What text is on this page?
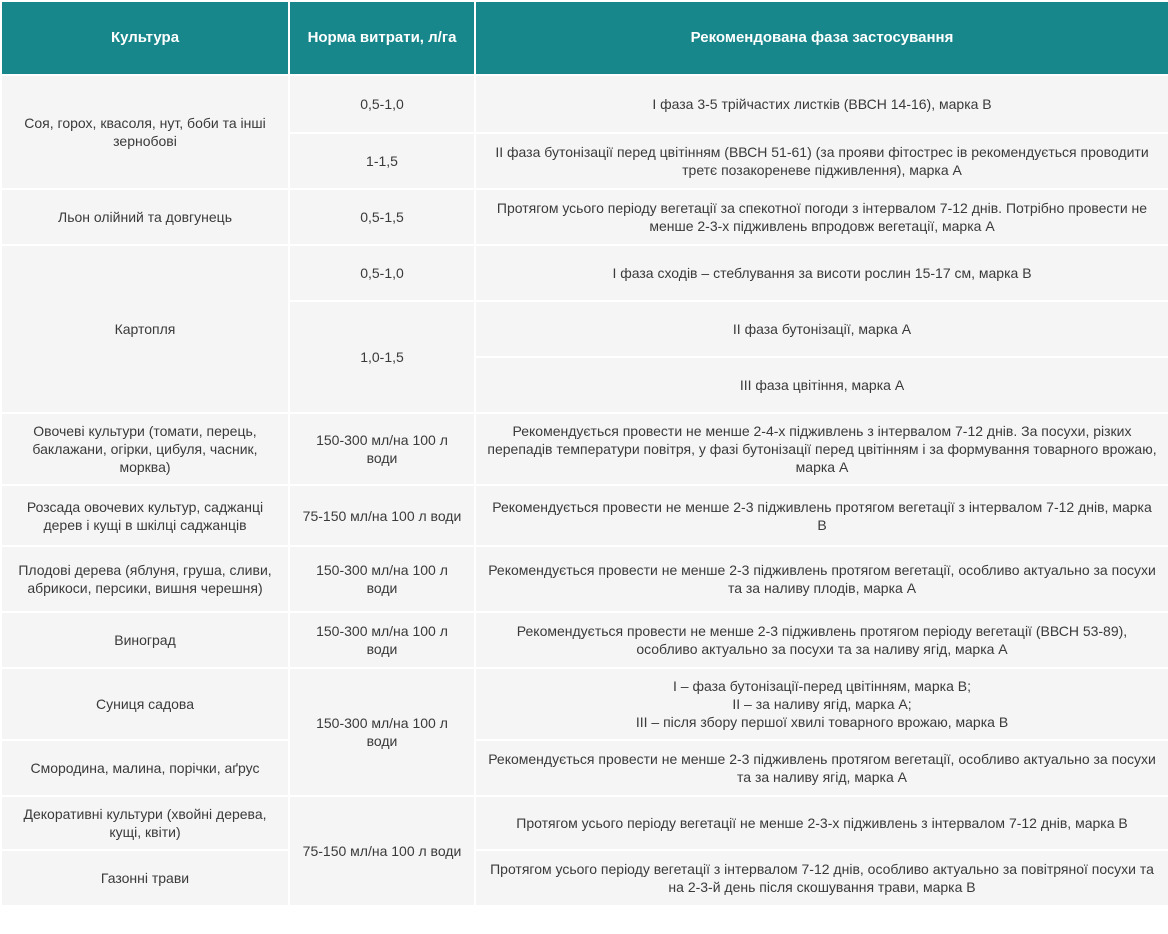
Культура	Норма витрати, л/га	Рекомендована фаза застосування
Соя, горох, квасоля, нут, боби та інші зернобові	0,5-1,0	I фаза 3-5 трійчастих листків (ВВСН 14-16), марка В
	1-1,5	II фаза бутонізації перед цвітінням (ВВСН 51-61) (за прояви фітострес ів рекомендується проводити третє позакореневе підживлення), марка А
Льон олійний та довгунець	0,5-1,5	Протягом усього періоду вегетації за спекотної погоди з інтервалом 7-12 днів. Потрібно провести не менше 2-3-х підживлень впродовж вегетації, марка А
Картопля	0,5-1,0	I фаза сходів – стеблування за висоти рослин 15-17 см, марка В
	1,0-1,5	II фаза бутонізації, марка А
		III фаза цвітіння, марка А
Овочеві культури (томати, перець, баклажани, огірки, цибуля, часник, морква)	150-300 мл/на 100 л води	Рекомендується провести не менше 2-4-х підживлень з інтервалом 7-12 днів. За посухи, різких перепадів температури повітря, у фазі бутонізації перед цвітінням і за формування товарного врожаю, марка А
Розсада овочевих культур, саджанці дерев і кущі в шкілці саджанців	75-150 мл/на 100 л води	Рекомендується провести не менше 2-3 підживлень протягом вегетації з інтервалом 7-12 днів, марка В
Плодові дерева (яблуня, груша, сливи, абрикоси, персики, вишня черешня)	150-300 мл/на 100 л води	Рекомендується провести не менше 2-3 підживлень протягом вегетації, особливо актуально за посухи та за наливу плодів, марка А
Виноград	150-300 мл/на 100 л води	Рекомендується провести не менше 2-3 підживлень протягом періоду вегетації (ВВСН 53-89), особливо актуально за посухи та за наливу ягід, марка А
Суниця садова	150-300 мл/на 100 л води	I – фаза бутонізації-перед цвітінням, марка В;
II – за наливу ягід, марка А;
III – після збору першої хвилі товарного врожаю, марка В

Смородина, малина, порічки, аґрус		Рекомендується провести не менше 2-3 підживлень протягом вегетації, особливо актуально за посухи та за наливу ягід, марка А
Декоративні культури (хвойні дерева, кущі, квіти)	75-150 мл/на 100 л води	Протягом усього періоду вегетації не менше 2-3-х підживлень з інтервалом 7-12 днів, марка В
Газонні трави		Протягом усього періоду вегетації з інтервалом 7-12 днів, особливо актуально за повітряної посухи та на 2-3-й день після скошування трави, марка В
